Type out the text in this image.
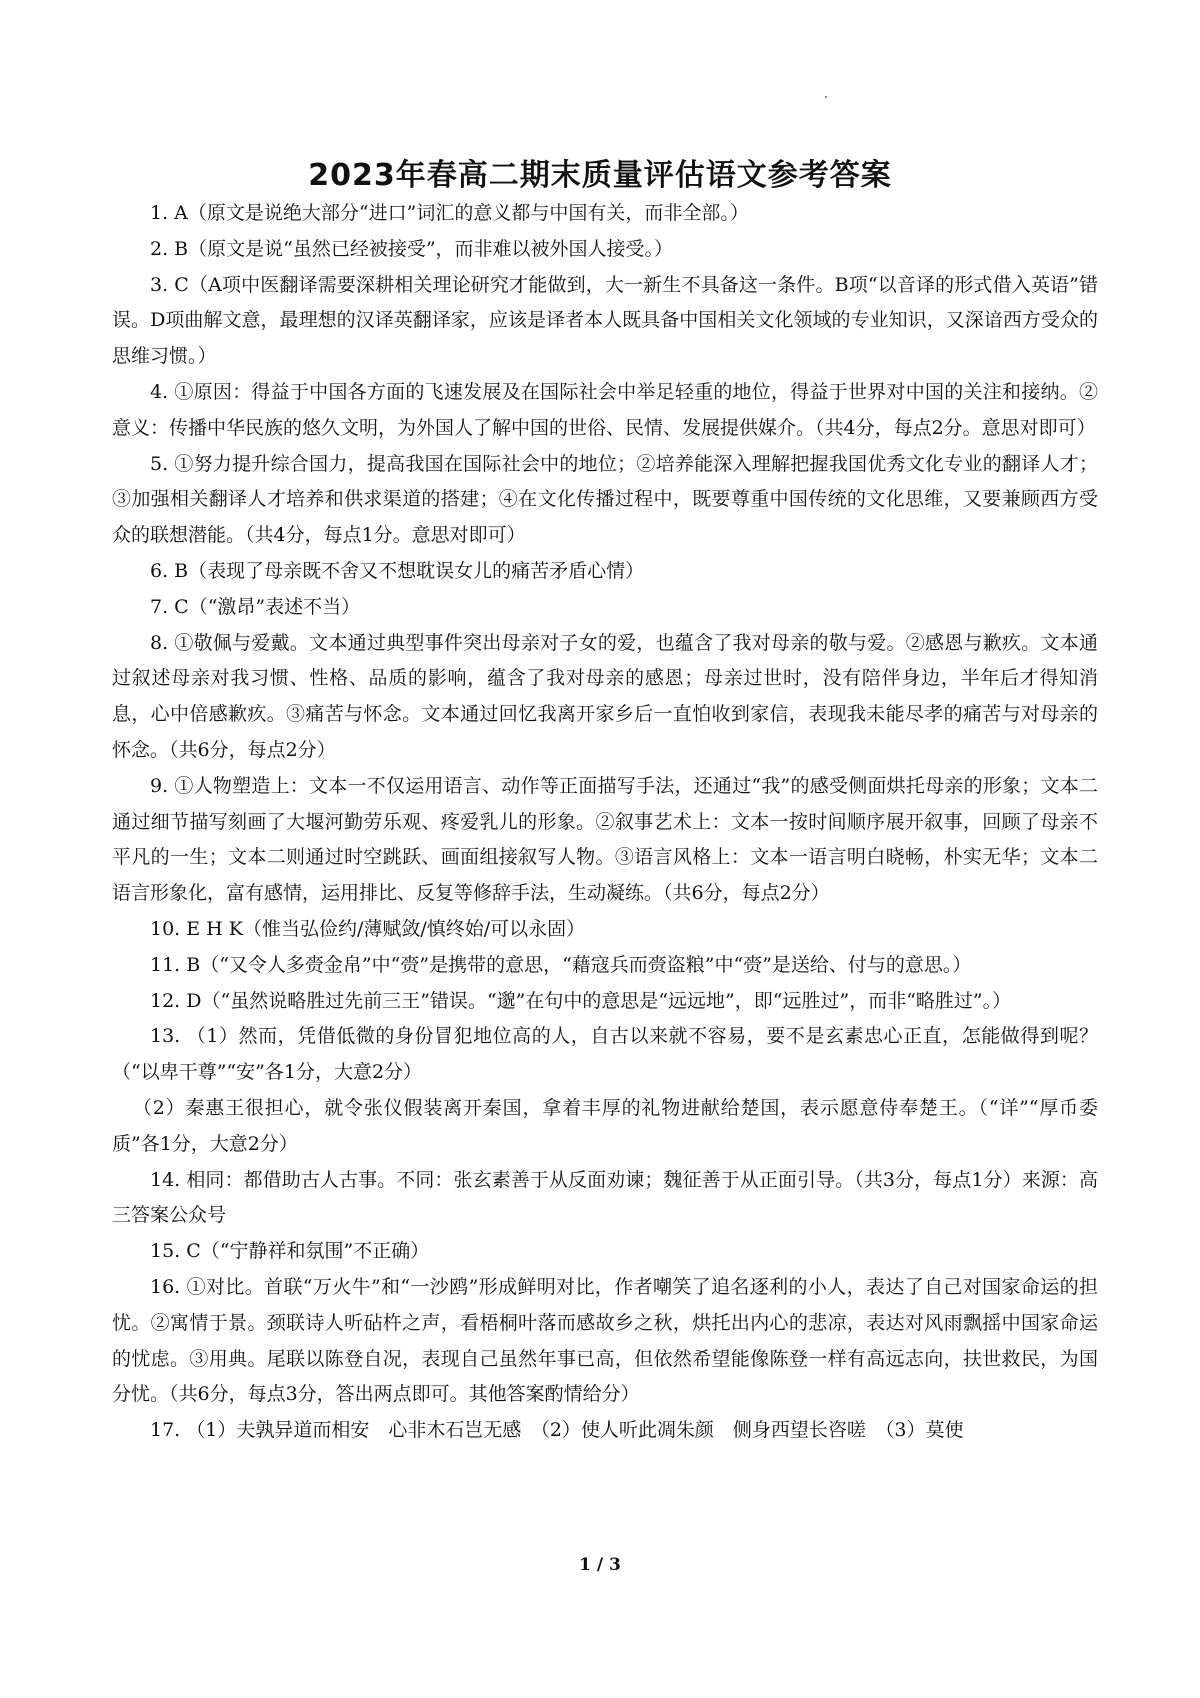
2023年春高二期末质量评估语文参考答案

1. A（原文是说绝大部分“进口”词汇的意义都与中国有关，而非全部。）

2. B（原文是说“虽然已经被接受”，而非难以被外国人接受。）

3. C（A项中医翻译需要深耕相关理论研究才能做到，大一新生不具备这一条件。B项“以音译的形式借入英语”错误。D项曲解文意，最理想的汉译英翻译家，应该是译者本人既具备中国相关文化领域的专业知识，又深谙西方受众的思维习惯。）

4. ①原因：得益于中国各方面的飞速发展及在国际社会中举足轻重的地位，得益于世界对中国的关注和接纳。②意义：传播中华民族的悠久文明，为外国人了解中国的世俗、民情、发展提供媒介。（共4分，每点2分。意思对即可）

5. ①努力提升综合国力，提高我国在国际社会中的地位；②培养能深入理解把握我国优秀文化专业的翻译人才；③加强相关翻译人才培养和供求渠道的搭建；④在文化传播过程中，既要尊重中国传统的文化思维，又要兼顾西方受众的联想潜能。（共4分，每点1分。意思对即可）

6. B（表现了母亲既不舍又不想耽误女儿的痛苦矛盾心情）

7. C（“激昂”表述不当）

8. ①敬佩与爱戴。文本通过典型事件突出母亲对子女的爱，也蕴含了我对母亲的敬与爱。②感恩与歉疚。文本通过叙述母亲对我习惯、性格、品质的影响，蕴含了我对母亲的感恩；母亲过世时，没有陪伴身边，半年后才得知消息，心中倍感歉疚。③痛苦与怀念。文本通过回忆我离开家乡后一直怕收到家信，表现我未能尽孝的痛苦与对母亲的怀念。（共6分，每点2分）

9. ①人物塑造上：文本一不仅运用语言、动作等正面描写手法，还通过“我”的感受侧面烘托母亲的形象；文本二通过细节描写刻画了大堰河勤劳乐观、疼爱乳儿的形象。②叙事艺术上：文本一按时间顺序展开叙事，回顾了母亲不平凡的一生；文本二则通过时空跳跃、画面组接叙写人物。③语言风格上：文本一语言明白晓畅，朴实无华；文本二语言形象化，富有感情，运用排比、反复等修辞手法，生动凝练。（共6分，每点2分）

10. E H K（惟当弘俭约/薄赋敛/慎终始/可以永固）

11. B（“又令人多赍金帛”中“赍”是携带的意思，“藉寇兵而赍盗粮”中“赍”是送给、付与的意思。）

12. D（“虽然说略胜过先前三王”错误。“邈”在句中的意思是“远远地”，即“远胜过”，而非“略胜过”。）

13. （1）然而，凭借低微的身份冒犯地位高的人，自古以来就不容易，要不是玄素忠心正直，怎能做得到呢？（“以卑干尊”“安”各1分，大意2分）

（2）秦惠王很担心，就令张仪假装离开秦国，拿着丰厚的礼物进献给楚国，表示愿意侍奉楚王。（“详”“厚币委质”各1分，大意2分）

14. 相同：都借助古人古事。不同：张玄素善于从反面劝谏；魏征善于从正面引导。（共3分，每点1分）来源：高三答案公众号

15. C（“宁静祥和氛围”不正确）

16. ①对比。首联“万火牛”和“一沙鸥”形成鲜明对比，作者嘲笑了追名逐利的小人，表达了自己对国家命运的担忧。②寓情于景。颈联诗人听砧杵之声，看梧桐叶落而感故乡之秋，烘托出内心的悲凉，表达对风雨飘摇中国家命运的忧虑。③用典。尾联以陈登自况，表现自己虽然年事已高，但依然希望能像陈登一样有高远志向，扶世救民，为国分忧。（共6分，每点3分，答出两点即可。其他答案酌情给分）

17. （1）夫孰异道而相安　心非木石岂无感　（2）使人听此凋朱颜　侧身西望长咨嗟　（3）莫使

1 / 3
